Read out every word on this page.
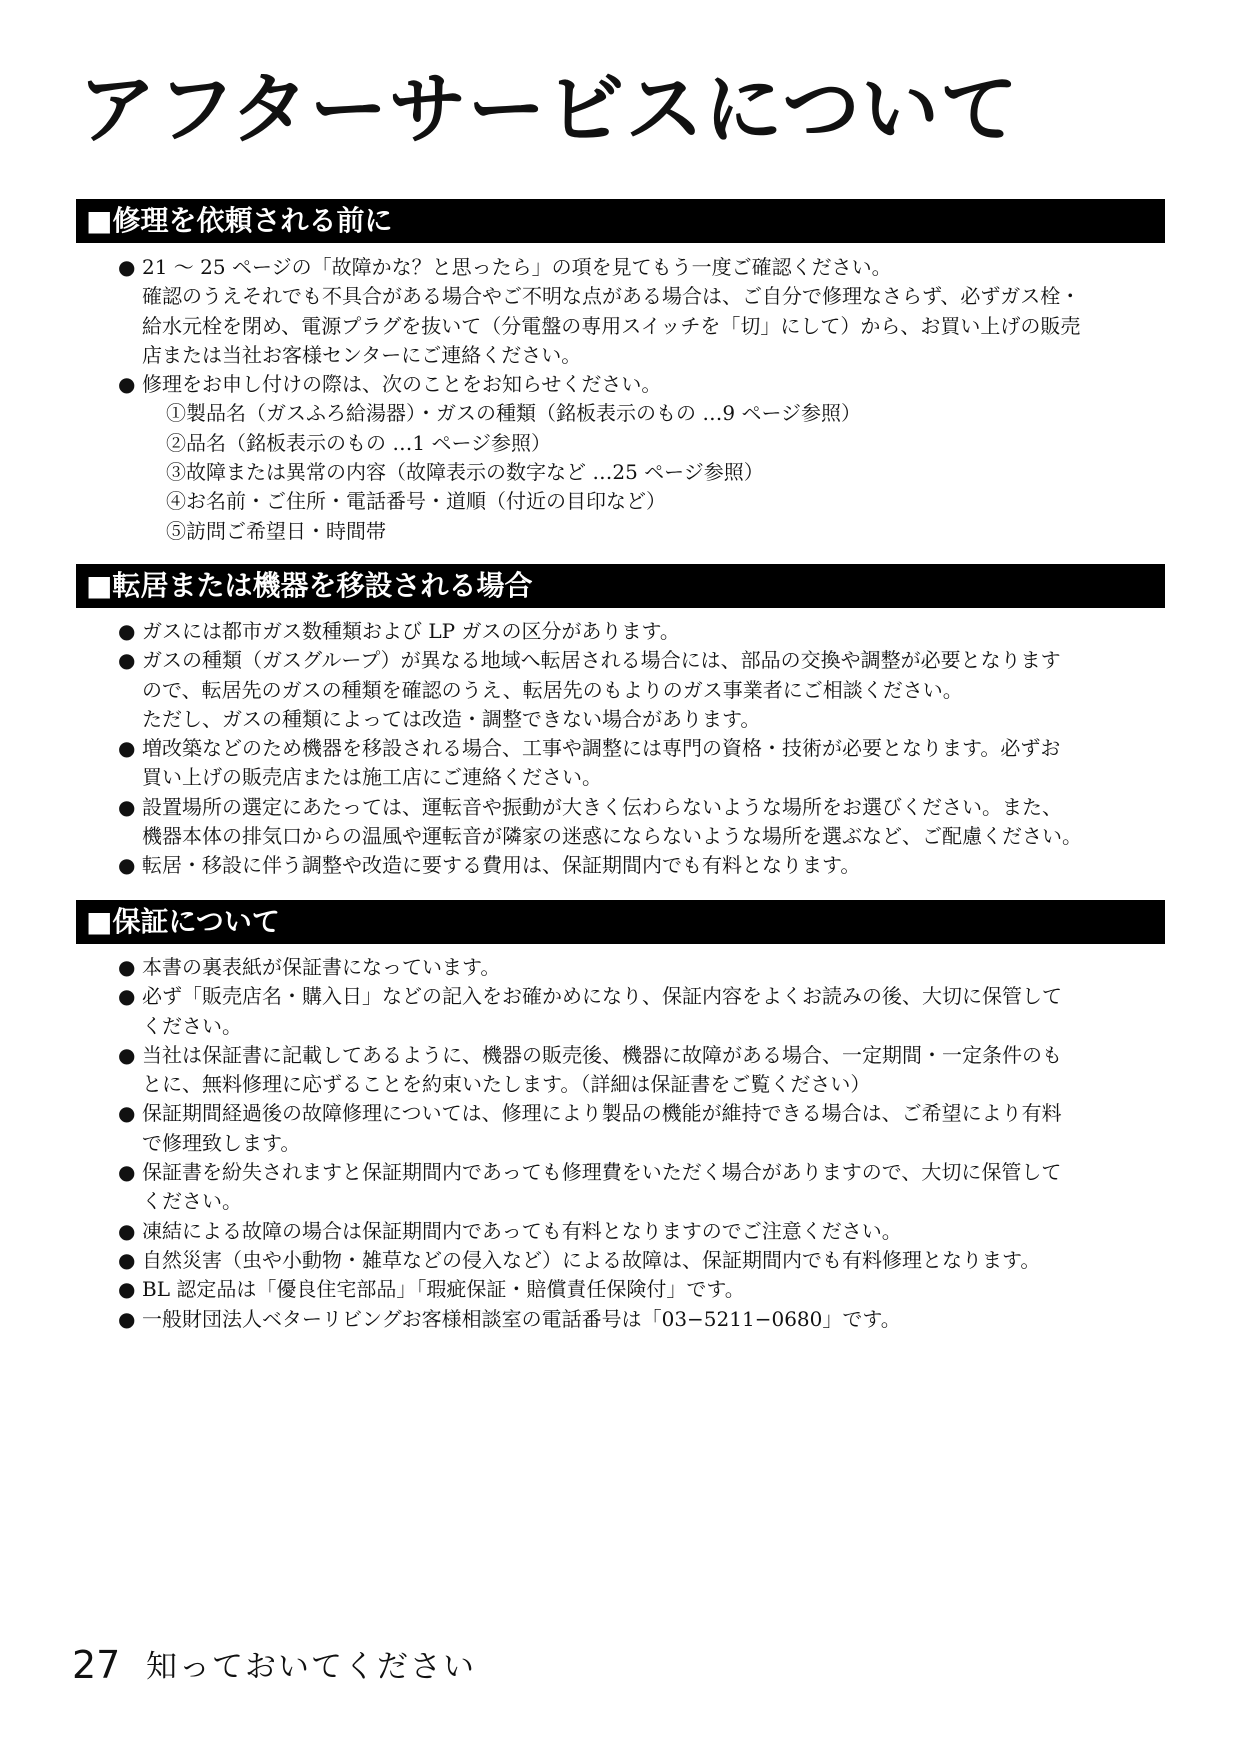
アフターサービスについて
■修理を依頼される前に
● 21 ～ 25 ページの「故障かな？と思ったら」の項を見てもう一度ご確認ください。
確認のうえそれでも不具合がある場合やご不明な点がある場合は、ご自分で修理なさらず、必ずガス栓・
給水元栓を閉め、電源プラグを抜いて（分電盤の専用スイッチを「切」にして）から、お買い上げの販売
店または当社お客様センターにご連絡ください。
● 修理をお申し付けの際は、次のことをお知らせください。
①製品名（ガスふろ給湯器）・ガスの種類（銘板表示のもの …9 ページ参照）
②品名（銘板表示のもの …1 ページ参照）
③故障または異常の内容（故障表示の数字など …25 ページ参照）
④お名前・ご住所・電話番号・道順（付近の目印など）
⑤訪問ご希望日・時間帯
■転居または機器を移設される場合
● ガスには都市ガス数種類および LP ガスの区分があります。
● ガスの種類（ガスグループ）が異なる地域へ転居される場合には、部品の交換や調整が必要となります
ので、転居先のガスの種類を確認のうえ、転居先のもよりのガス事業者にご相談ください。
ただし、ガスの種類によっては改造・調整できない場合があります。
● 増改築などのため機器を移設される場合、工事や調整には専門の資格・技術が必要となります。必ずお
買い上げの販売店または施工店にご連絡ください。
● 設置場所の選定にあたっては、運転音や振動が大きく伝わらないような場所をお選びください。また、
機器本体の排気口からの温風や運転音が隣家の迷惑にならないような場所を選ぶなど、ご配慮ください。
● 転居・移設に伴う調整や改造に要する費用は、保証期間内でも有料となります。
■保証について
● 本書の裏表紙が保証書になっています。
● 必ず「販売店名・購入日」などの記入をお確かめになり、保証内容をよくお読みの後、大切に保管して
ください。
● 当社は保証書に記載してあるように、機器の販売後、機器に故障がある場合、一定期間・一定条件のも
とに、無料修理に応ずることを約束いたします。（詳細は保証書をご覧ください）
● 保証期間経過後の故障修理については、修理により製品の機能が維持できる場合は、ご希望により有料
で修理致します。
● 保証書を紛失されますと保証期間内であっても修理費をいただく場合がありますので、大切に保管して
ください。
● 凍結による故障の場合は保証期間内であっても有料となりますのでご注意ください。
● 自然災害（虫や小動物・雑草などの侵入など）による故障は、保証期間内でも有料修理となります。
● BL 認定品は「優良住宅部品」「瑕疵保証・賠償責任保険付」です。
● 一般財団法人ベターリビングお客様相談室の電話番号は「03−5211−0680」です。
27 知っておいてください
